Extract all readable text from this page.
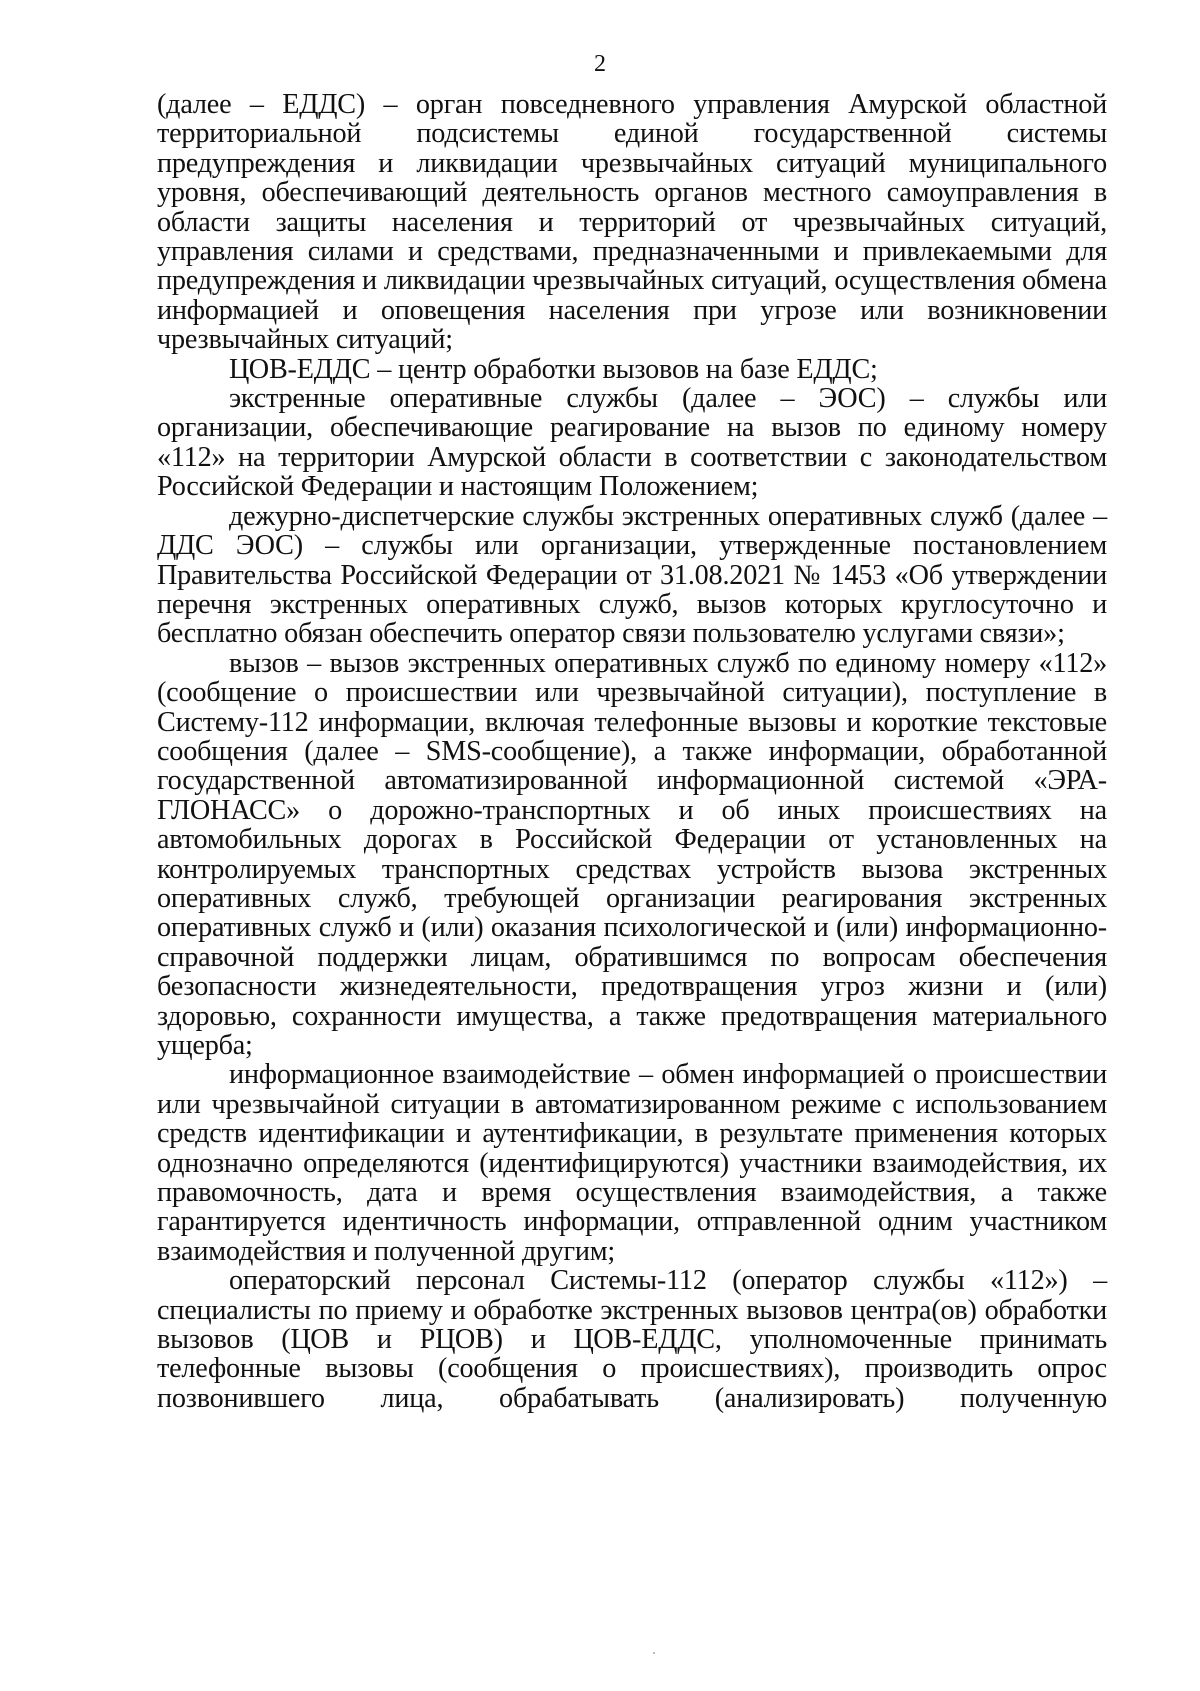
2

(далее – ЕДДС) – орган повседневного управления Амурской областной территориальной подсистемы единой государственной системы предупреждения и ликвидации чрезвычайных ситуаций муниципального уровня, обеспечивающий деятельность органов местного самоуправления в области защиты населения и территорий от чрезвычайных ситуаций, управления силами и средствами, предназначенными и привлекаемыми для предупреждения и ликвидации чрезвычайных ситуаций, осуществления обмена информацией и оповещения населения при угрозе или возникновении чрезвычайных ситуаций;

ЦОВ-ЕДДС – центр обработки вызовов на базе ЕДДС;

экстренные оперативные службы (далее – ЭОС) – службы или организации, обеспечивающие реагирование на вызов по единому номеру «112» на территории Амурской области в соответствии с законодательством Российской Федерации и настоящим Положением;

дежурно-диспетчерские службы экстренных оперативных служб (далее – ДДС ЭОС) – службы или организации, утвержденные постановлением Правительства Российской Федерации от 31.08.2021 № 1453 «Об утверждении перечня экстренных оперативных служб, вызов которых круглосуточно и бесплатно обязан обеспечить оператор связи пользователю услугами связи»;

вызов – вызов экстренных оперативных служб по единому номеру «112» (сообщение о происшествии или чрезвычайной ситуации), поступление в Систему-112 информации, включая телефонные вызовы и короткие текстовые сообщения (далее – SMS-сообщение), а также информации, обработанной государственной автоматизированной информационной системой «ЭРА-ГЛОНАСС» о дорожно-транспортных и об иных происшествиях на автомобильных дорогах в Российской Федерации от установленных на контролируемых транспортных средствах устройств вызова экстренных оперативных служб, требующей организации реагирования экстренных оперативных служб и (или) оказания психологической и (или) информационно-справочной поддержки лицам, обратившимся по вопросам обеспечения безопасности жизнедеятельности, предотвращения угроз жизни и (или) здоровью, сохранности имущества, а также предотвращения материального ущерба;

информационное взаимодействие – обмен информацией о происшествии или чрезвычайной ситуации в автоматизированном режиме с использованием средств идентификации и аутентификации, в результате применения которых однозначно определяются (идентифицируются) участники взаимодействия, их правомочность, дата и время осуществления взаимодействия, а также гарантируется идентичность информации, отправленной одним участником взаимодействия и полученной другим;

операторский персонал Системы-112 (оператор службы «112») – специалисты по приему и обработке экстренных вызовов центра(ов) обработки вызовов (ЦОВ и РЦОВ) и ЦОВ-ЕДДС, уполномоченные принимать телефонные вызовы (сообщения о происшествиях), производить опрос позвонившего лица, обрабатывать (анализировать) полученную
